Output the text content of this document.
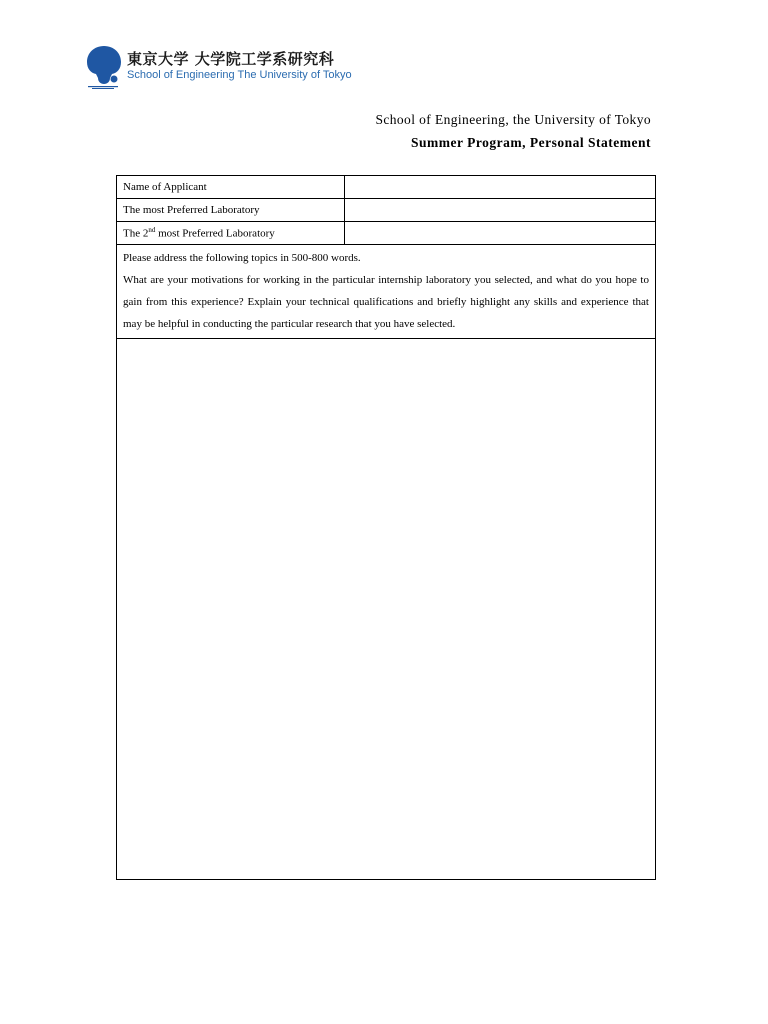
東京大学 大学院工学系研究科
School of Engineering The University of Tokyo
School of Engineering, the University of Tokyo
Summer Program, Personal Statement
Name of Applicant	
The most Preferred Laboratory	
The 2nd most Preferred Laboratory	

Please address the following topics in 500-800 words.
What are your motivations for working in the particular internship laboratory you selected, and what do you hope to gain from this experience? Explain your technical qualifications and briefly highlight any skills and experience that may be helpful in conducting the particular research that you have selected.	
